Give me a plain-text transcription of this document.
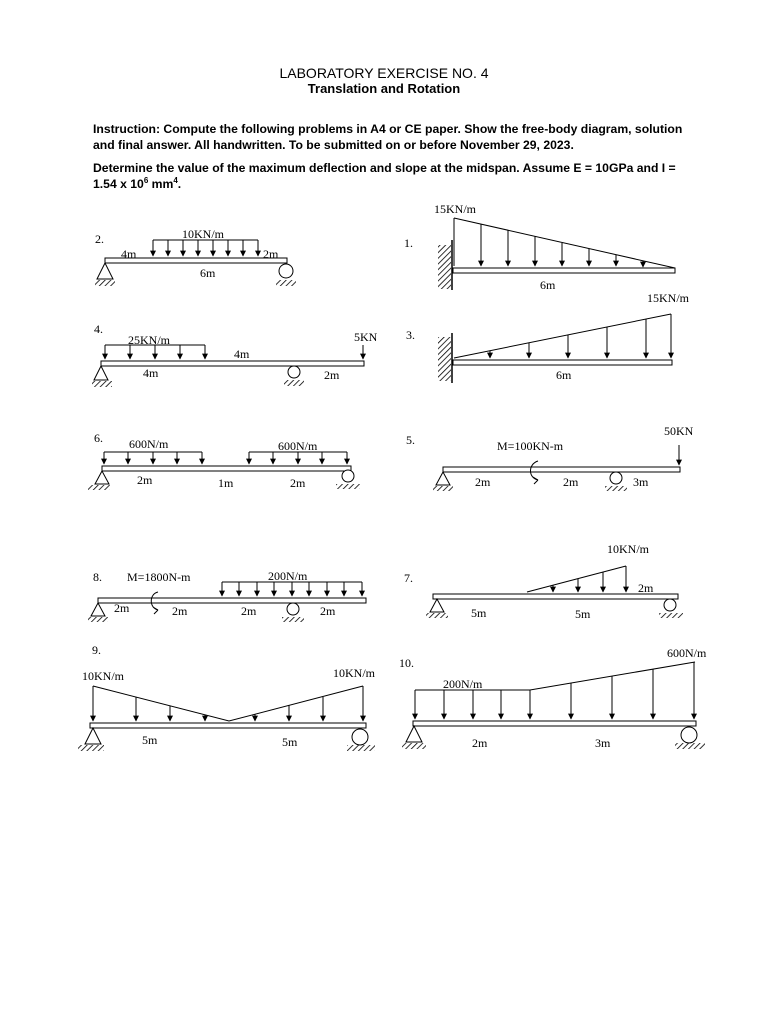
LABORATORY EXERCISE NO. 4
Translation and Rotation
Instruction: Compute the following problems in A4 or CE paper. Show the free-body diagram, solution and final answer. All handwritten. To be submitted on or before November 29, 2023.
Determine the value of the maximum deflection and slope at the midspan. Assume E = 10GPa and I = 1.54 x $10^6$ $mm^4$.
2.	10KN/m
4m	2m
6m
15KN/m
1.
6m
15KN/m
3.
6m
4.
25KN/m	5KN
4m
4m	2m
6. 600N/m	600N/m
2m	1m	2m
50KN
5.	M=100KN-m
2m	2m	3m
10KN/m
7.
2m
5m	5m
8. M=1800N-m	200N/m
2m	2m	2m	2m
9.
10KN/m	10KN/m
5m	5m
600N/m
10.
200N/m
2m	3m
